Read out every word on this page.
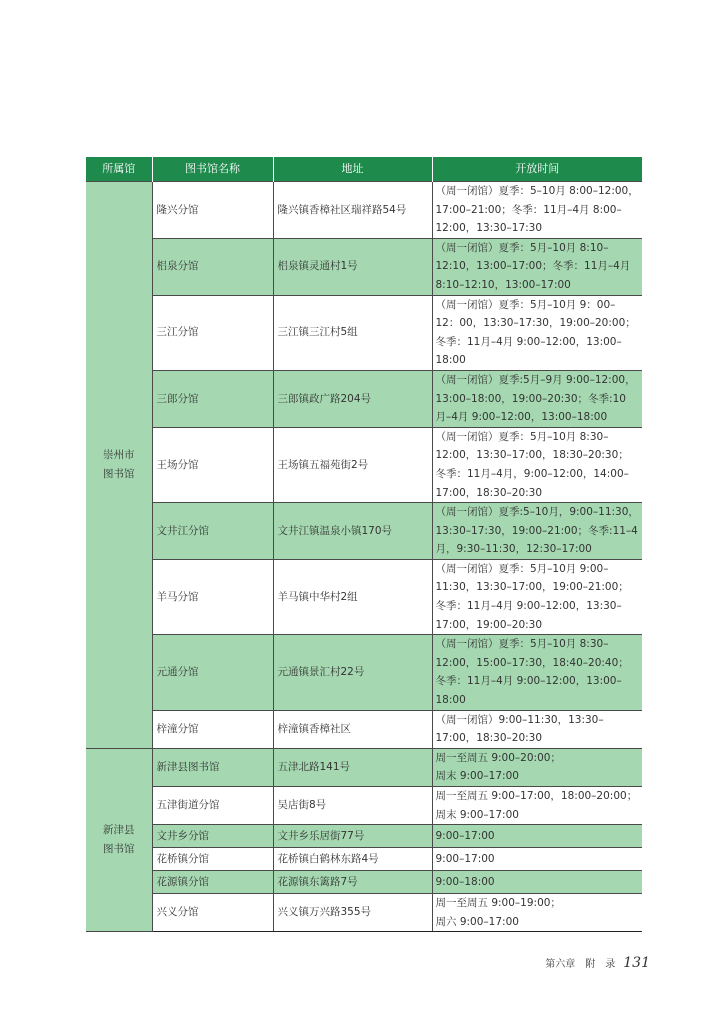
所属馆	图书馆名称	地址	开放时间
崇州市
图书馆	隆兴分馆	隆兴镇香樟社区瑞祥路54号	（周一闭馆）夏季：5–10月 8:00–12:00，17:00–21:00；冬季：11月–4月 8:00–12:00，13:30–17:30
	梠泉分馆	梠泉镇灵通村1号	（周一闭馆）夏季：5月–10月 8:10–12:10，13:00–17:00；冬季：11月–4月 8:10–12:10，13:00–17:00
	三江分馆	三江镇三江村5组	（周一闭馆）夏季：5月–10月 9：00–12：00，13:30–17:30，19:00–20:00；冬季：11月–4月 9:00–12:00，13:00–18:00
	三郎分馆	三郎镇政广路204号	（周一闭馆）夏季:5月–9月 9:00–12:00，13:00–18:00，19:00–20:30；冬季:10月–4月 9:00–12:00，13:00–18:00
	王场分馆	王场镇五福苑街2号	（周一闭馆）夏季：5月–10月 8:30–12:00，13:30–17:00，18:30–20:30；冬季：11月–4月，9:00–12:00，14:00–17:00，18:30–20:30
	文井江分馆	文井江镇温泉小镇170号	（周一闭馆）夏季:5–10月，9:00–11:30，13:30–17:30，19:00–21:00；冬季:11–4月，9:30–11:30，12:30–17:00
	羊马分馆	羊马镇中华村2组	（周一闭馆）夏季：5月–10月 9:00–11:30，13:30–17:00，19:00–21:00；冬季：11月–4月 9:00–12:00，13:30–17:00，19:00–20:30
	元通分馆	元通镇景汇村22号	（周一闭馆）夏季：5月–10月 8:30–12:00，15:00–17:30，18:40–20:40；冬季：11月–4月 9:00–12:00，13:00–18:00
	梓潼分馆	梓潼镇香樟社区	（周一闭馆）9:00–11:30，13:30–17:00，18:30–20:30
新津县
图书馆	新津县图书馆	五津北路141号	周一至周五 9:00–20:00；
周末 9:00–17:00
	五津街道分馆	吴店街8号	周一至周五 9:00–17:00，18:00–20:00；
周末 9:00–17:00
	文井乡分馆	文井乡乐居街77号	9:00–17:00
	花桥镇分馆	花桥镇白鹤林东路4号	9:00–17:00
	花源镇分馆	花源镇东篱路7号	9:00–18:00
	兴义分馆	兴义镇万兴路355号	周一至周五 9:00–19:00；
周六 9:00–17:00
第六章　附　录 131
